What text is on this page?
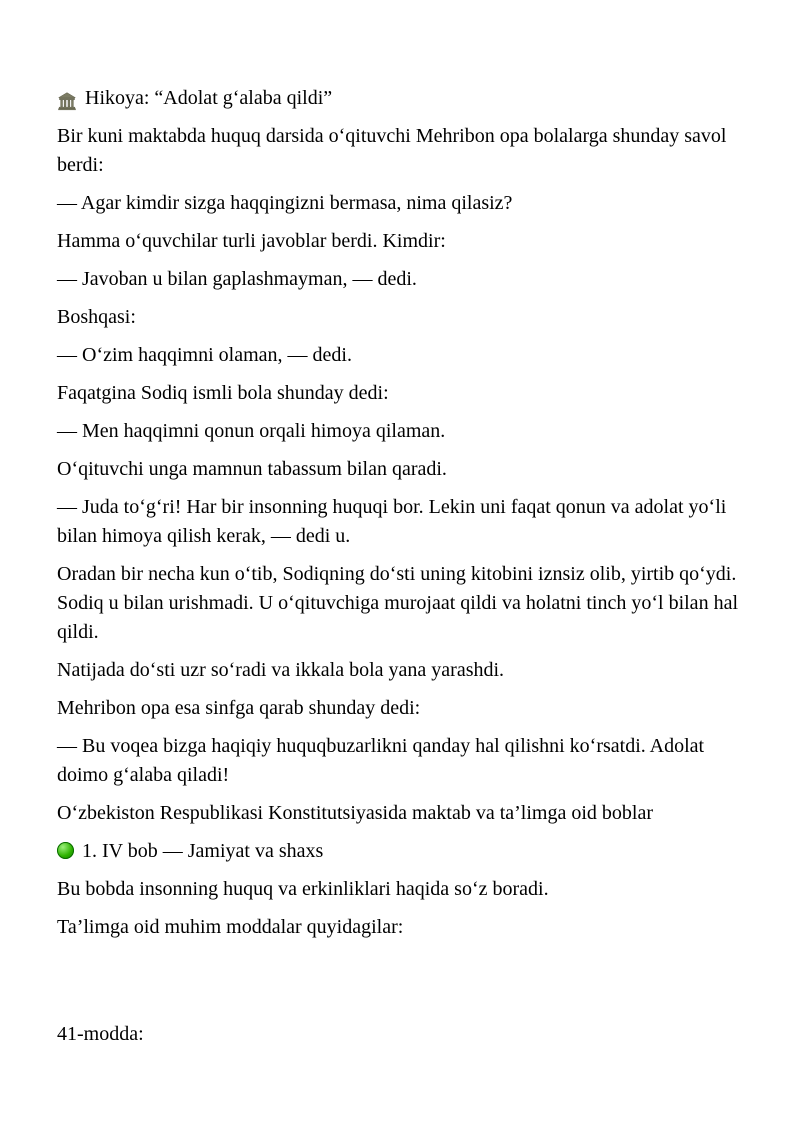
Hikoya: “Adolat g‘alaba qildi”

Bir kuni maktabda huquq darsida o‘qituvchi Mehribon opa bolalarga shunday savol berdi:

— Agar kimdir sizga haqqingizni bermasa, nima qilasiz?

Hamma o‘quvchilar turli javoblar berdi. Kimdir:

— Javoban u bilan gaplashmayman, — dedi.

Boshqasi:

— O‘zim haqqimni olaman, — dedi.

Faqatgina Sodiq ismli bola shunday dedi:

— Men haqqimni qonun orqali himoya qilaman.

O‘qituvchi unga mamnun tabassum bilan qaradi.

— Juda to‘g‘ri! Har bir insonning huquqi bor. Lekin uni faqat qonun va adolat yo‘li bilan himoya qilish kerak, — dedi u.

Oradan bir necha kun o‘tib, Sodiqning do‘sti uning kitobini iznsiz olib, yirtib qo‘ydi. Sodiq u bilan urishmadi. U o‘qituvchiga murojaat qildi va holatni tinch yo‘l bilan hal qildi.

Natijada do‘sti uzr so‘radi va ikkala bola yana yarashdi.

Mehribon opa esa sinfga qarab shunday dedi:

— Bu voqea bizga haqiqiy huquqbuzarlikni qanday hal qilishni ko‘rsatdi. Adolat doimo g‘alaba qiladi!

O‘zbekiston Respublikasi Konstitutsiyasida maktab va ta’limga oid boblar

1. IV bob — Jamiyat va shaxs

Bu bobda insonning huquq va erkinliklari haqida so‘z boradi.

Ta’limga oid muhim moddalar quyidagilar:

41-modda:
